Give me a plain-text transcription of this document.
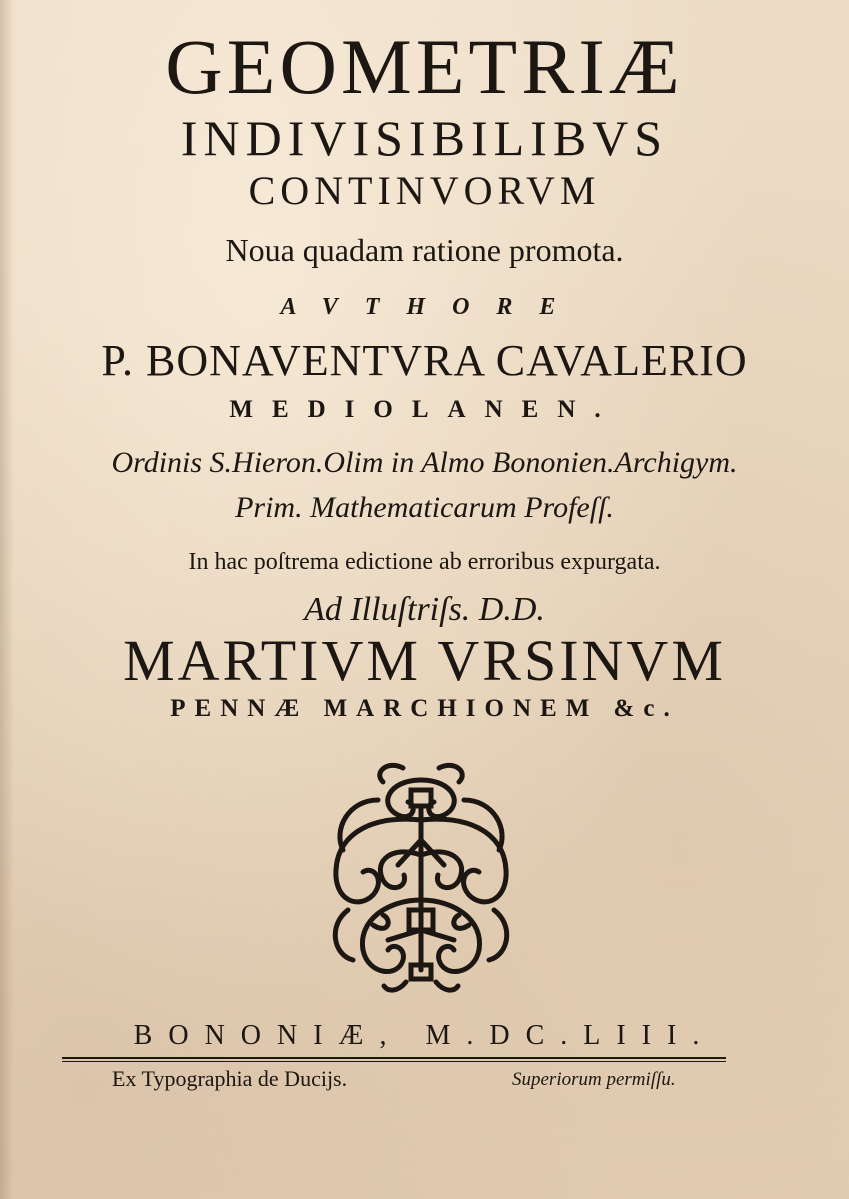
GEOMETRIÆ
INDIVISIBILIBVS
CONTINVORVM
Noua quadam ratione promota.
AVTHORE
P. BONAVENTVRA CAVALERIO
MEDIOLANEN.
Ordinis S.Hieron.Olim in Almo Bononien.Archigym.
Prim. Mathematicarum Profeſſ.
In hac poſtrema edictione ab erroribus expurgata.
Ad Illuſtriſs. D.D.
MARTIVM VRSINVM
PENNÆ MARCHIONEM &c.
BONONIÆ, M.DC.LIII.
Ex Typographia de Ducijs.	Superiorum permiſſu.
